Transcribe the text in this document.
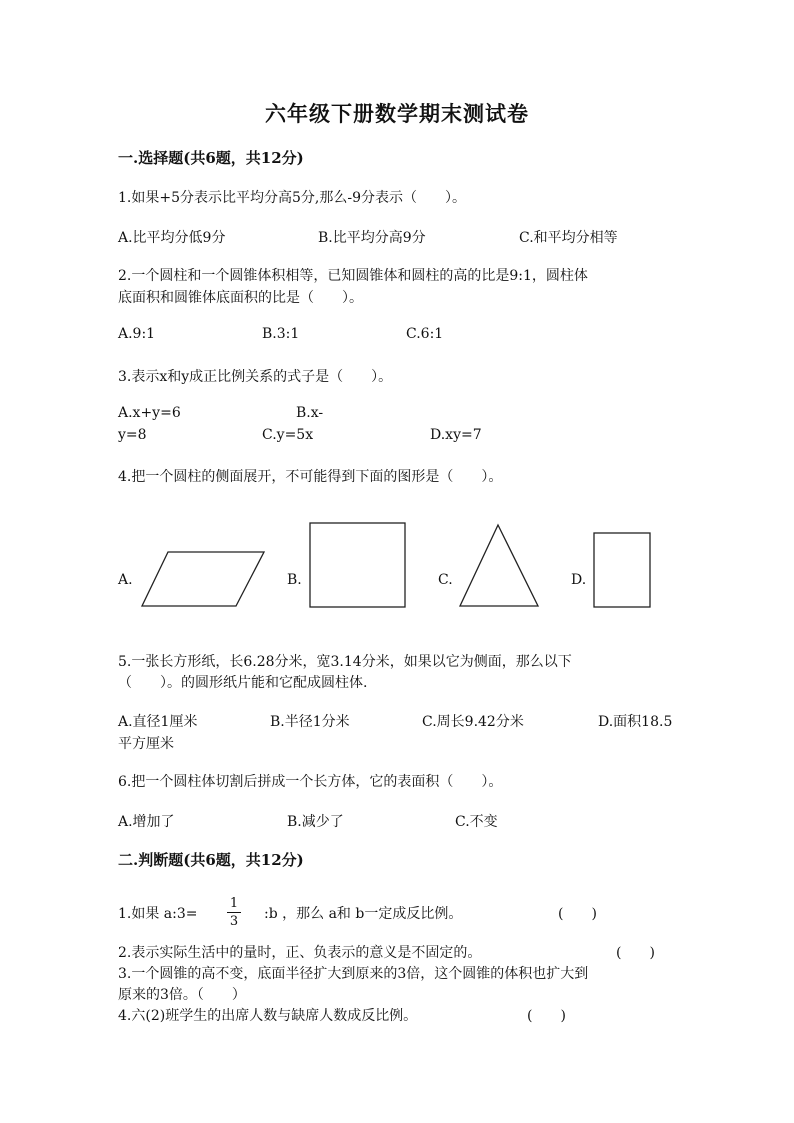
六年级下册数学期末测试卷
一.选择题(共6题，共12分)
1.如果+5分表示比平均分高5分,那么-9分表示（　　）。
A.比平均分低9分	B.比平均分高9分	C.和平均分相等
2.一个圆柱和一个圆锥体积相等，已知圆锥体和圆柱的高的比是9:1，圆柱体
底面积和圆锥体底面积的比是（　　）。
A.9:1	B.3:1	C.6:1
3.表示x和y成正比例关系的式子是（　　）。
A.x+y=6	B.x-
y=8	C.y=5x	D.xy=7
4.把一个圆柱的侧面展开，不可能得到下面的图形是（　　）。
A.	B.	C.	D.
5.一张长方形纸，长6.28分米，宽3.14分米，如果以它为侧面，那么以下
（　　）。的圆形纸片能和它配成圆柱体.
A.直径1厘米	B.半径1分米	C.周长9.42分米	D.面积18.5
平方厘米
6.把一个圆柱体切割后拼成一个长方体，它的表面积（　　）。
A.增加了	B.减少了	C.不变
二.判断题(共6题，共12分)
1.如果 a:3=
1
3 :b ，那么 a和 b一定成反比例。	(　　)
2.表示实际生活中的量时，正、负表示的意义是不固定的。	(　　)
3.一个圆锥的高不变，底面半径扩大到原来的3倍，这个圆锥的体积也扩大到
原来的3倍。（　　）
4.六(2)班学生的出席人数与缺席人数成反比例。	(　　)
